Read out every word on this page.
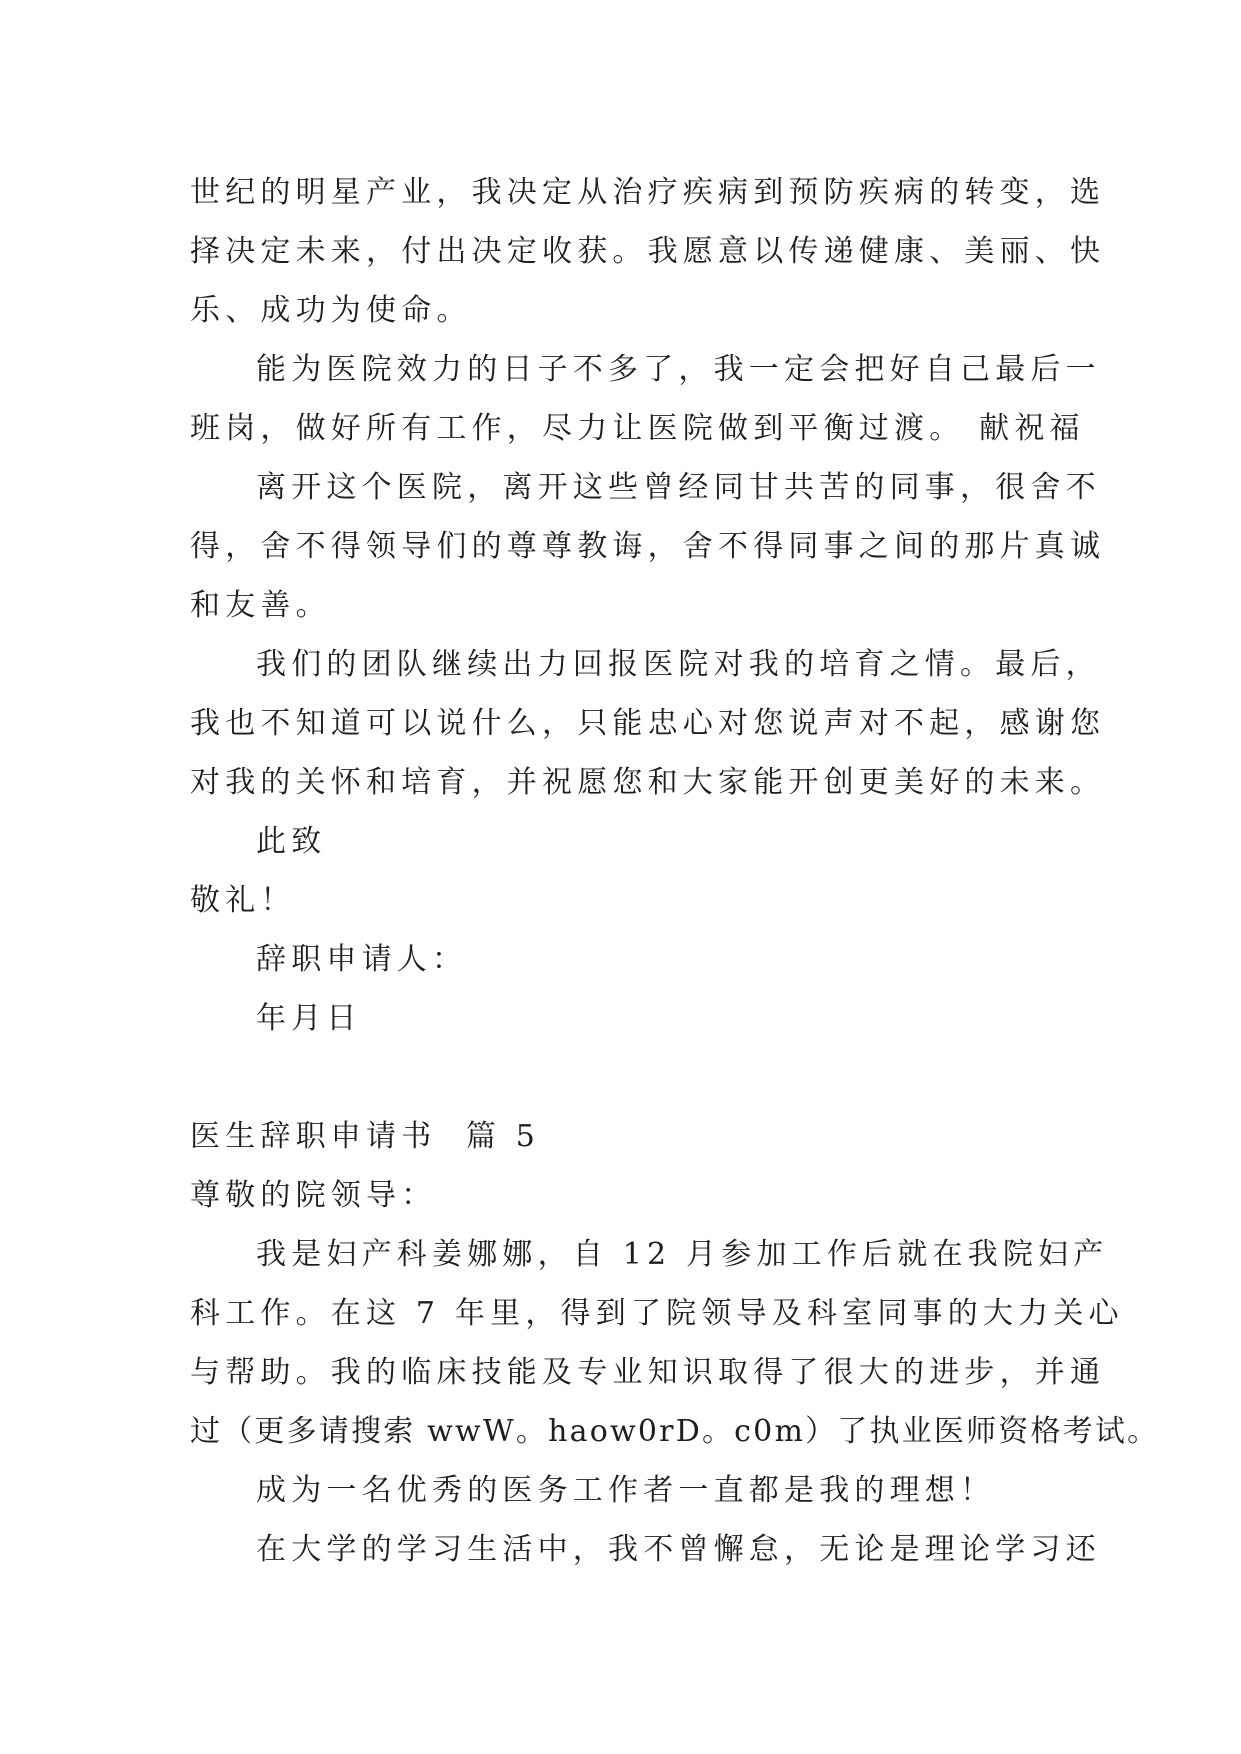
世纪的明星产业，我决定从治疗疾病到预防疾病的转变，选
择决定未来，付出决定收获。我愿意以传递健康、美丽、快
乐、成功为使命。
能为医院效力的日子不多了，我一定会把好自己最后一
班岗，做好所有工作，尽力让医院做到平衡过渡。 献祝福
离开这个医院，离开这些曾经同甘共苦的同事，很舍不
得，舍不得领导们的尊尊教诲，舍不得同事之间的那片真诚
和友善。
我们的团队继续出力回报医院对我的培育之情。最后，
我也不知道可以说什么，只能忠心对您说声对不起，感谢您
对我的关怀和培育，并祝愿您和大家能开创更美好的未来。
此致
敬礼！
辞职申请人：
年月日
医生辞职申请书  篇 5
尊敬的院领导：
我是妇产科姜娜娜，自 12 月参加工作后就在我院妇产
科工作。在这 7 年里，得到了院领导及科室同事的大力关心
与帮助。我的临床技能及专业知识取得了很大的进步，并通
过（更多请搜索 wwW。haow0rD。c0m）了执业医师资格考试。
成为一名优秀的医务工作者一直都是我的理想！
在大学的学习生活中，我不曾懈怠，无论是理论学习还
